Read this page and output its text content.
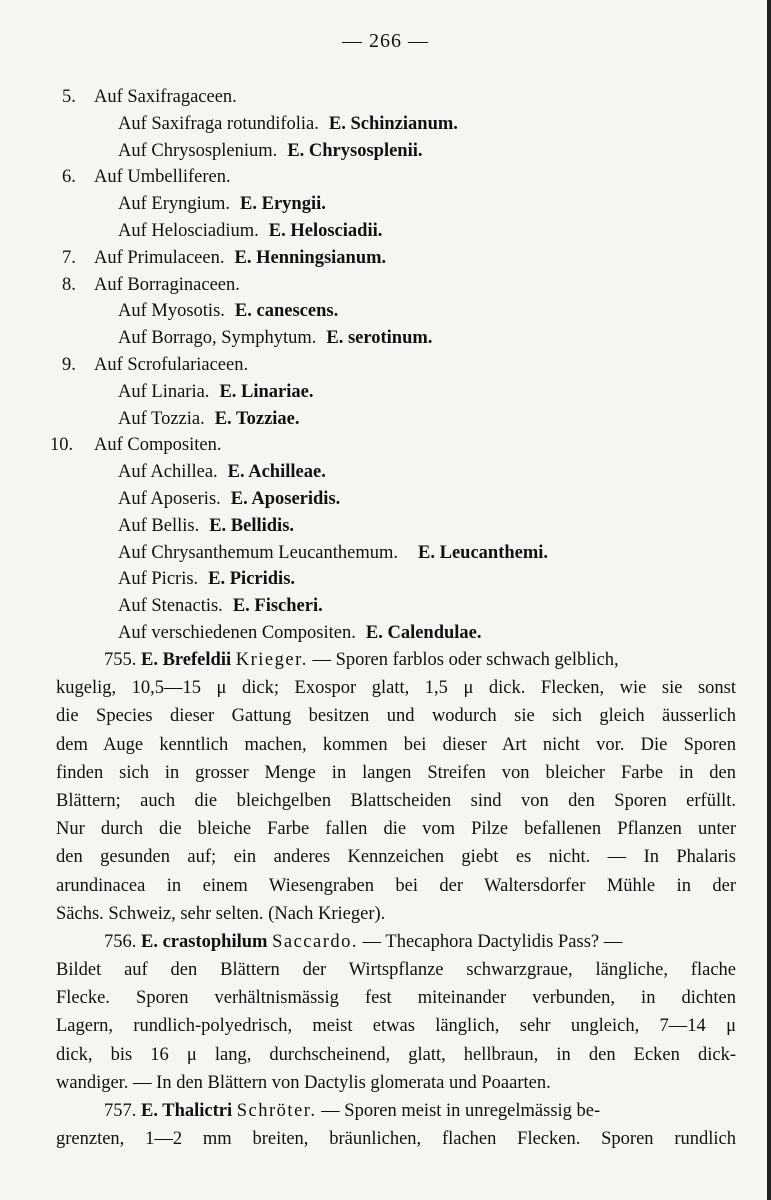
— 266 —
5. Auf Saxifragaceen.
Auf Saxifraga rotundifolia. E. Schinzianum.
Auf Chrysosplenium. E. Chrysosplenii.
6. Auf Umbelliferen.
Auf Eryngium. E. Eryngii.
Auf Helosciadium. E. Helosciadii.
7. Auf Primulaceen. E. Henningsianum.
8. Auf Borraginaceen.
Auf Myosotis. E. canescens.
Auf Borrago, Symphytum. E. serotinum.
9. Auf Scrofulariaceen.
Auf Linaria. E. Linariae.
Auf Tozzia. E. Tozziae.
10. Auf Compositen.
Auf Achillea. E. Achilleae.
Auf Aposeris. E. Aposeridis.
Auf Bellis. E. Bellidis.
Auf Chrysanthemum Leucanthemum. E. Leucanthemi.
Auf Picris. E. Picridis.
Auf Stenactis. E. Fischeri.
Auf verschiedenen Compositen. E. Calendulae.
755. E. Brefeldii Krieger. — Sporen farblos oder schwach gelblich,
kugelig, 10,5—15 μ dick; Exospor glatt, 1,5 μ dick. Flecken, wie sie sonst
die Species dieser Gattung besitzen und wodurch sie sich gleich äusserlich
dem Auge kenntlich machen, kommen bei dieser Art nicht vor. Die Sporen
finden sich in grosser Menge in langen Streifen von bleicher Farbe in den
Blättern; auch die bleichgelben Blattscheiden sind von den Sporen erfüllt.
Nur durch die bleiche Farbe fallen die vom Pilze befallenen Pflanzen unter
den gesunden auf; ein anderes Kennzeichen giebt es nicht. — In Phalaris
arundinacea in einem Wiesengraben bei der Waltersdorfer Mühle in der
Sächs. Schweiz, sehr selten. (Nach Krieger).
756. E. crastophilum Saccardo. — Thecaphora Dactylidis Pass? —
Bildet auf den Blättern der Wirtspflanze schwarzgraue, längliche, flache
Flecke. Sporen verhältnismässig fest miteinander verbunden, in dichten
Lagern, rundlich-polyedrisch, meist etwas länglich, sehr ungleich, 7—14 μ
dick, bis 16 μ lang, durchscheinend, glatt, hellbraun, in den Ecken dick-
wandiger. — In den Blättern von Dactylis glomerata und Poaarten.
757. E. Thalictri Schröter. — Sporen meist in unregelmässig be-
grenzten, 1—2 mm breiten, bräunlichen, flachen Flecken. Sporen rundlich
